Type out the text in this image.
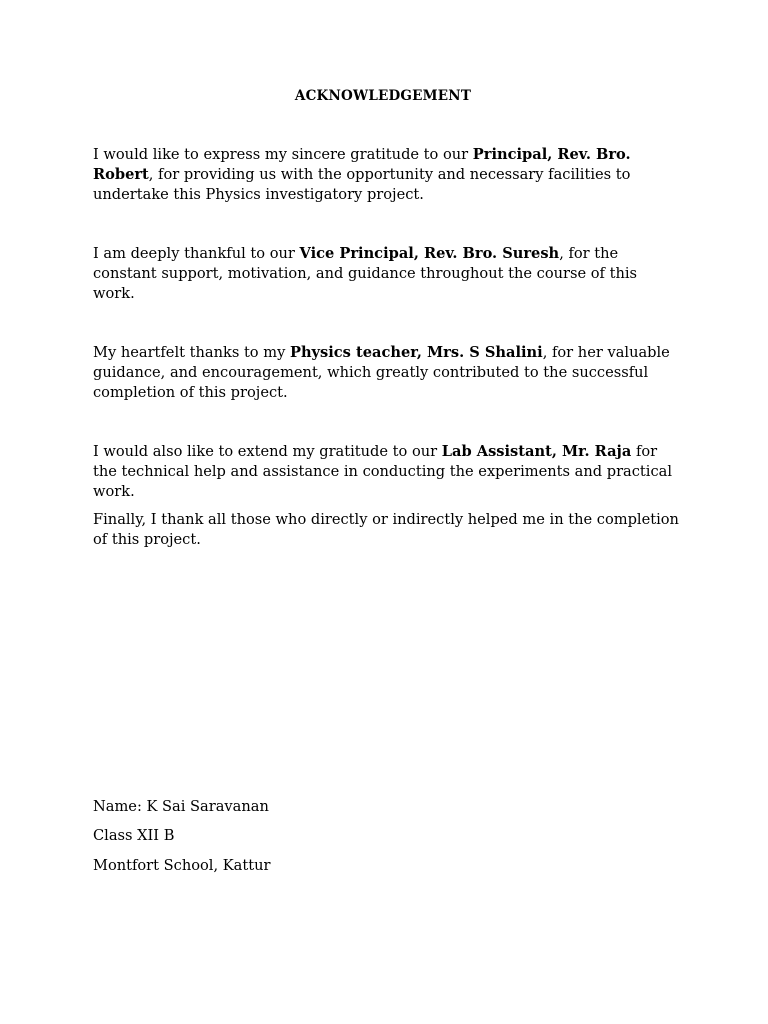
ACKNOWLEDGEMENT

I would like to express my sincere gratitude to our Principal, Rev. Bro. Robert, for providing us with the opportunity and necessary facilities to undertake this Physics investigatory project.

I am deeply thankful to our Vice Principal, Rev. Bro. Suresh, for the constant support, motivation, and guidance throughout the course of this work.

My heartfelt thanks to my Physics teacher, Mrs. S Shalini, for her valuable guidance, and encouragement, which greatly contributed to the successful completion of this project.

I would also like to extend my gratitude to our Lab Assistant, Mr. Raja for the technical help and assistance in conducting the experiments and practical work.

Finally, I thank all those who directly or indirectly helped me in the completion of this project.

Name: K Sai Saravanan

Class XII B

Montfort School, Kattur
